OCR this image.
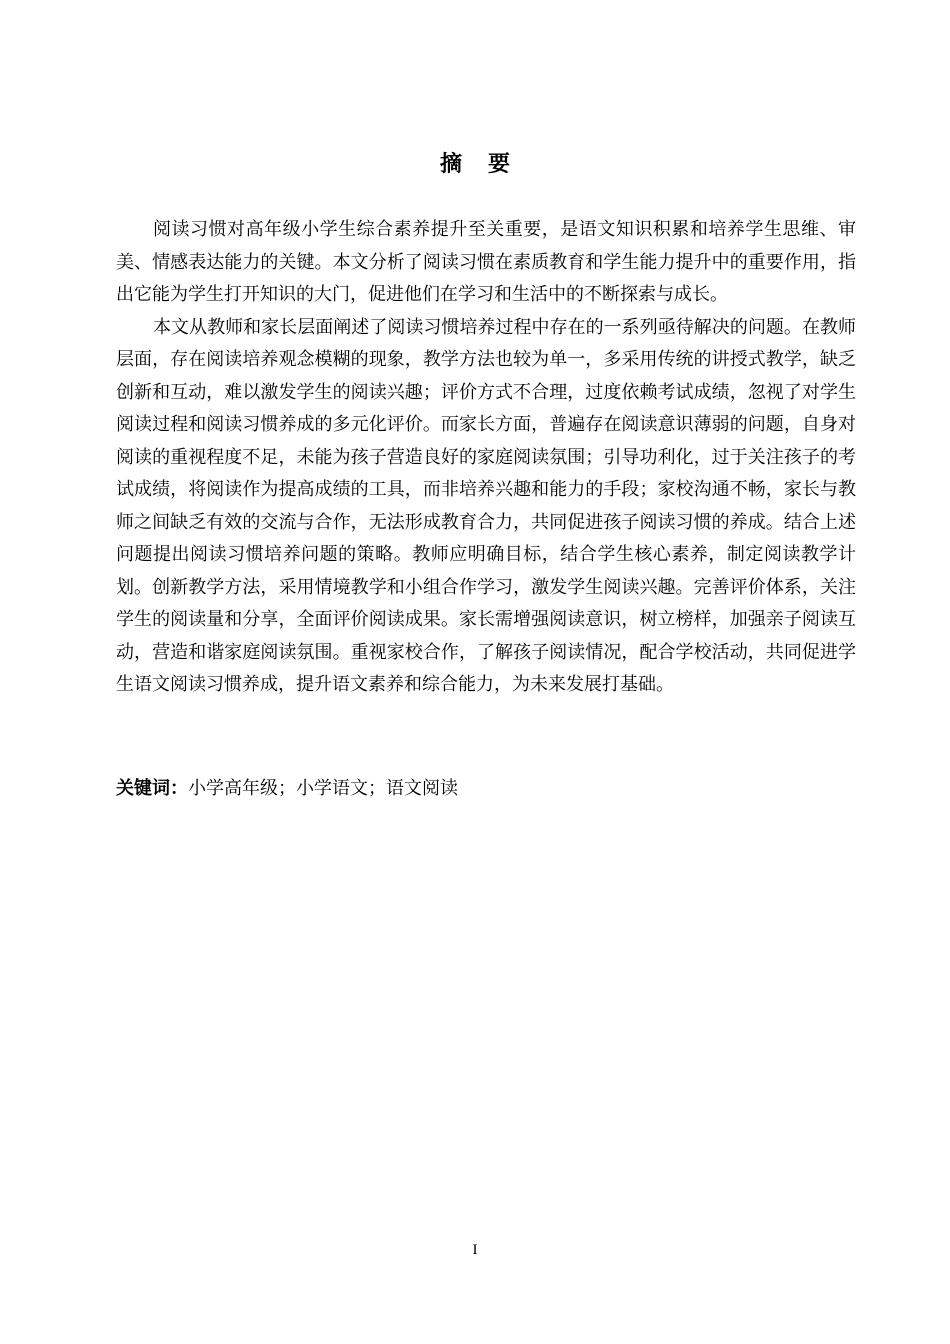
摘要

阅读习惯对高年级小学生综合素养提升至关重要，是语文知识积累和培养学生思维、审美、情感表达能力的关键。本文分析了阅读习惯在素质教育和学生能力提升中的重要作用，指出它能为学生打开知识的大门，促进他们在学习和生活中的不断探索与成长。

本文从教师和家长层面阐述了阅读习惯培养过程中存在的一系列亟待解决的问题。在教师层面，存在阅读培养观念模糊的现象，教学方法也较为单一，多采用传统的讲授式教学，缺乏创新和互动，难以激发学生的阅读兴趣；评价方式不合理，过度依赖考试成绩，忽视了对学生阅读过程和阅读习惯养成的多元化评价。而家长方面，普遍存在阅读意识薄弱的问题，自身对阅读的重视程度不足，未能为孩子营造良好的家庭阅读氛围；引导功利化，过于关注孩子的考试成绩，将阅读作为提高成绩的工具，而非培养兴趣和能力的手段；家校沟通不畅，家长与教师之间缺乏有效的交流与合作，无法形成教育合力，共同促进孩子阅读习惯的养成。结合上述问题提出阅读习惯培养问题的策略。教师应明确目标，结合学生核心素养，制定阅读教学计划。创新教学方法，采用情境教学和小组合作学习，激发学生阅读兴趣。完善评价体系，关注学生的阅读量和分享，全面评价阅读成果。家长需增强阅读意识，树立榜样，加强亲子阅读互动，营造和谐家庭阅读氛围。重视家校合作，了解孩子阅读情况，配合学校活动，共同促进学生语文阅读习惯养成，提升语文素养和综合能力，为未来发展打基础。

关键词：小学高年级；小学语文；语文阅读
I
